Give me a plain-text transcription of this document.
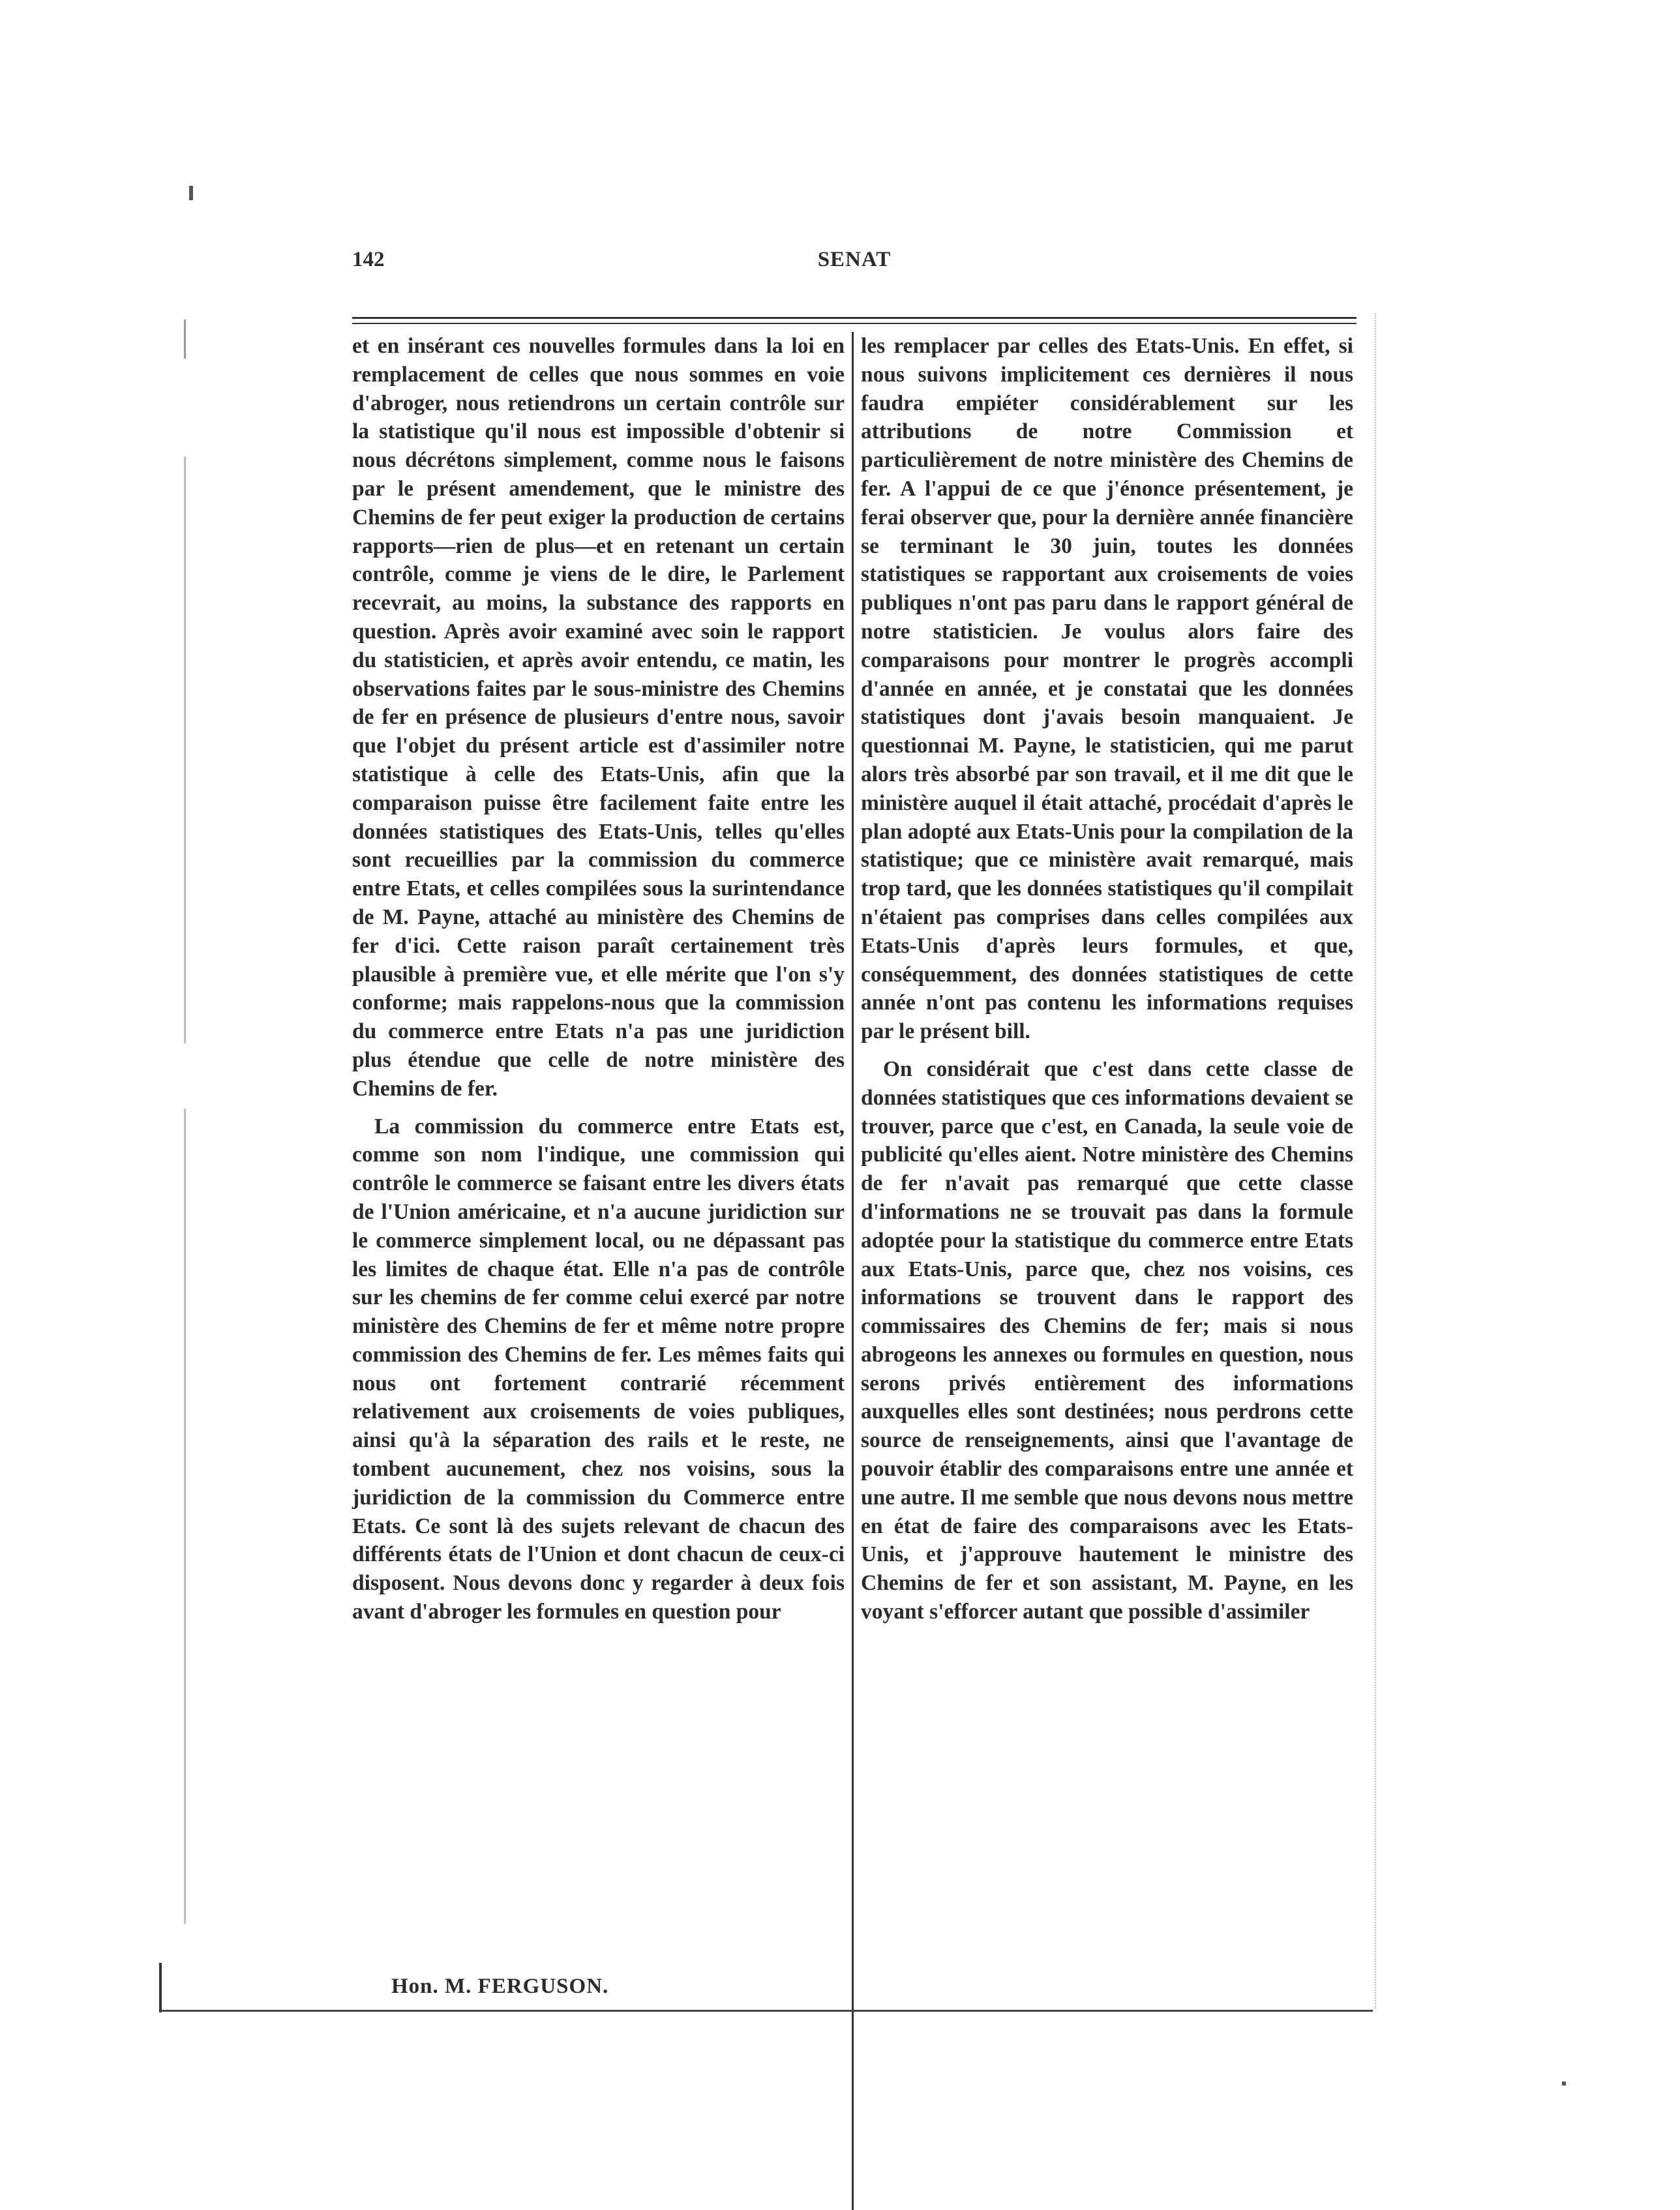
142	SENAT

et en insérant ces nouvelles formules dans la loi en remplacement de celles que nous sommes en voie d'abroger, nous retiendrons un certain contrôle sur la statistique qu'il nous est impossible d'obtenir si nous décrétons simplement, comme nous le faisons par le présent amendement, que le ministre des Chemins de fer peut exiger la production de certains rapports—rien de plus—et en retenant un certain contrôle, comme je viens de le dire, le Parlement recevrait, au moins, la substance des rapports en question. Après avoir examiné avec soin le rapport du statisticien, et après avoir entendu, ce matin, les observations faites par le sous-ministre des Chemins de fer en présence de plusieurs d'entre nous, savoir que l'objet du présent article est d'assimiler notre statistique à celle des Etats-Unis, afin que la comparaison puisse être facilement faite entre les données statistiques des Etats-Unis, telles qu'elles sont recueillies par la commission du commerce entre Etats, et celles compilées sous la surintendance de M. Payne, attaché au ministère des Chemins de fer d'ici. Cette raison paraît certainement très plausible à première vue, et elle mérite que l'on s'y conforme; mais rappelons-nous que la commission du commerce entre Etats n'a pas une juridiction plus étendue que celle de notre ministère des Chemins de fer.

La commission du commerce entre Etats est, comme son nom l'indique, une commission qui contrôle le commerce se faisant entre les divers états de l'Union américaine, et n'a aucune juridiction sur le commerce simplement local, ou ne dépassant pas les limites de chaque état. Elle n'a pas de contrôle sur les chemins de fer comme celui exercé par notre ministère des Chemins de fer et même notre propre commission des Chemins de fer. Les mêmes faits qui nous ont fortement contrarié récemment relativement aux croisements de voies publiques, ainsi qu'à la séparation des rails et le reste, ne tombent aucunement, chez nos voisins, sous la juridiction de la commission du Commerce entre Etats. Ce sont là des sujets relevant de chacun des différents états de l'Union et dont chacun de ceux-ci disposent. Nous devons donc y regarder à deux fois avant d'abroger les formules en question pour

les remplacer par celles des Etats-Unis. En effet, si nous suivons implicitement ces dernières il nous faudra empiéter considérablement sur les attributions de notre Commission et particulièrement de notre ministère des Chemins de fer. A l'appui de ce que j'énonce présentement, je ferai observer que, pour la dernière année financière se terminant le 30 juin, toutes les données statistiques se rapportant aux croisements de voies publiques n'ont pas paru dans le rapport général de notre statisticien. Je voulus alors faire des comparaisons pour montrer le progrès accompli d'année en année, et je constatai que les données statistiques dont j'avais besoin manquaient. Je questionnai M. Payne, le statisticien, qui me parut alors très absorbé par son travail, et il me dit que le ministère auquel il était attaché, procédait d'après le plan adopté aux Etats-Unis pour la compilation de la statistique; que ce ministère avait remarqué, mais trop tard, que les données statistiques qu'il compilait n'étaient pas comprises dans celles compilées aux Etats-Unis d'après leurs formules, et que, conséquemment, des données statistiques de cette année n'ont pas contenu les informations requises par le présent bill.

On considérait que c'est dans cette classe de données statistiques que ces informations devaient se trouver, parce que c'est, en Canada, la seule voie de publicité qu'elles aient. Notre ministère des Chemins de fer n'avait pas remarqué que cette classe d'informations ne se trouvait pas dans la formule adoptée pour la statistique du commerce entre Etats aux Etats-Unis, parce que, chez nos voisins, ces informations se trouvent dans le rapport des commissaires des Chemins de fer; mais si nous abrogeons les annexes ou formules en question, nous serons privés entièrement des informations auxquelles elles sont destinées; nous perdrons cette source de renseignements, ainsi que l'avantage de pouvoir établir des comparaisons entre une année et une autre. Il me semble que nous devons nous mettre en état de faire des comparaisons avec les Etats-Unis, et j'approuve hautement le ministre des Chemins de fer et son assistant, M. Payne, en les voyant s'efforcer autant que possible d'assimiler

Hon. M. FERGUSON.
